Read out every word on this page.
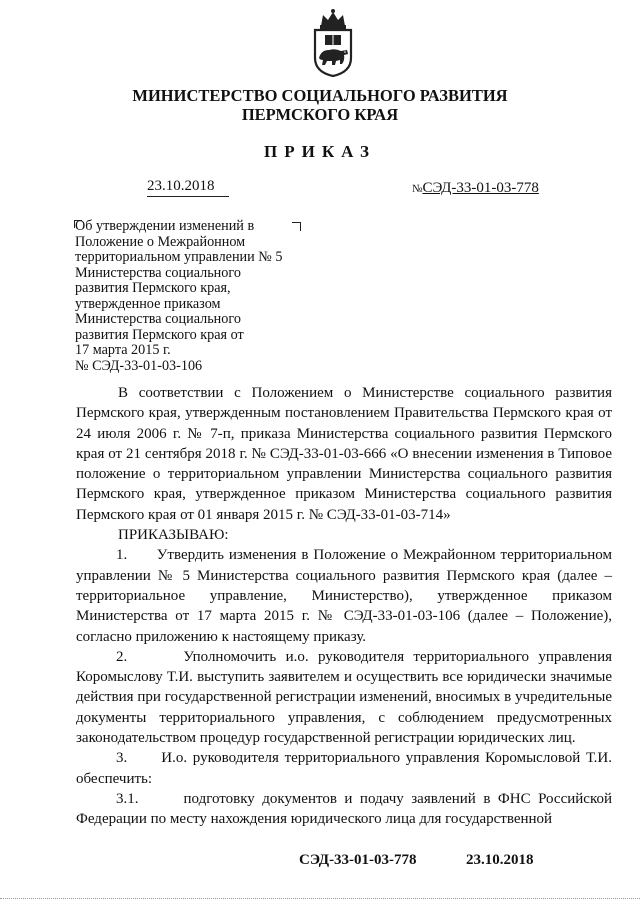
МИНИСТЕРСТВО СОЦИАЛЬНОГО РАЗВИТИЯ
ПЕРМСКОГО КРАЯ
ПРИКАЗ
23.10.2018	№СЭД-33-01-03-778
Об утверждении изменений в
Положение о Межрайонном
территориальном управлении № 5
Министерства социального
развития Пермского края,
утвержденное приказом
Министерства социального
развития Пермского края от
17 марта 2015 г.
№ СЭД-33-01-03-106

В соответствии с Положением о Министерстве социального развития Пермского края, утвержденным постановлением Правительства Пермского края от 24 июля 2006 г. № 7-п, приказа Министерства социального развития Пермского края от 21 сентября 2018 г. № СЭД-33-01-03-666 «О внесении изменения в Типовое положение о территориальном управлении Министерства социального развития Пермского края, утвержденное приказом Министерства социального развития Пермского края от 01 января 2015 г. № СЭД-33-01-03-714»

ПРИКАЗЫВАЮ:

1. Утвердить изменения в Положение о Межрайонном территориальном управлении № 5 Министерства социального развития Пермского края (далее – территориальное управление, Министерство), утвержденное приказом Министерства от 17 марта 2015 г. № СЭД-33-01-03-106 (далее – Положение), согласно приложению к настоящему приказу.

2.	Уполномочить и.о. руководителя территориального управления Коромыслову Т.И. выступить заявителем и осуществить все юридически значимые действия при государственной регистрации изменений, вносимых в учредительные документы территориального управления, с соблюдением предусмотренных законодательством процедур государственной регистрации юридических лиц.

3. И.о. руководителя территориального управления Коромысловой Т.И. обеспечить:

3.1.	подготовку документов и подачу заявлений в ФНС Российской Федерации по месту нахождения юридического лица для государственной

СЭД-33-01-03-778	23.10.2018
